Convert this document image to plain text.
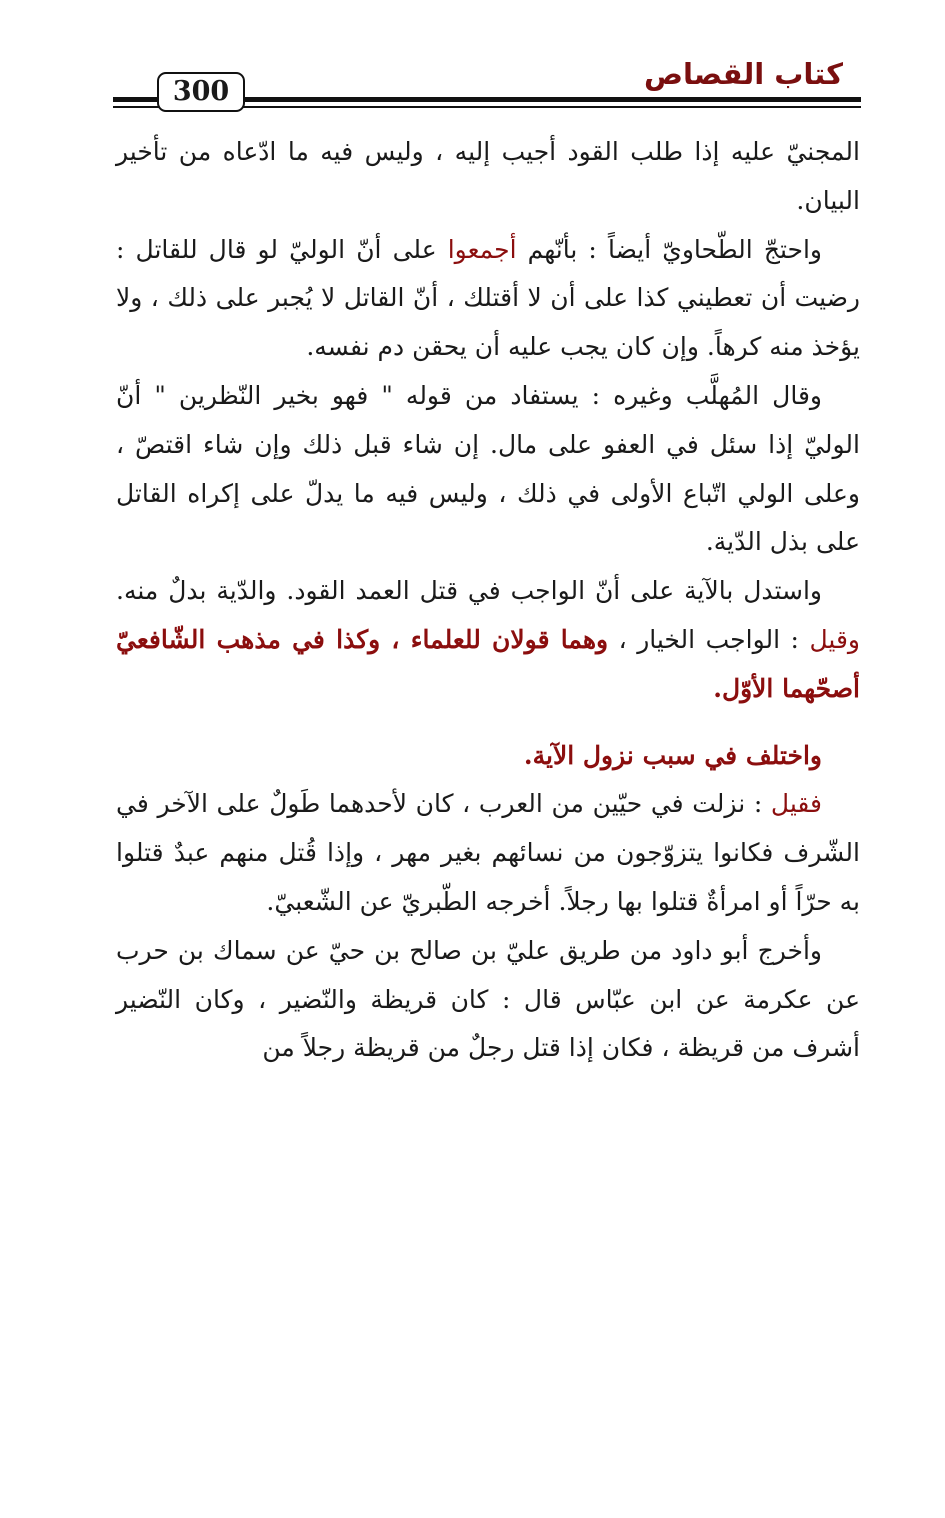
300
كتاب القصاص

المجنيّ عليه إذا طلب القود أجيب إليه ، وليس فيه ما ادّعاه من تأخير البيان.

واحتجّ الطّحاويّ أيضاً : بأنّهم أجمعوا على أنّ الوليّ لو قال للقاتل : رضيت أن تعطيني كذا على أن لا أقتلك ، أنّ القاتل لا يُجبر على ذلك ، ولا يؤخذ منه كرهاً. وإن كان يجب عليه أن يحقن دم نفسه.

وقال المُهلَّب وغيره : يستفاد من قوله " فهو بخير النّظرين " أنّ الوليّ إذا سئل في العفو على مال. إن شاء قبل ذلك وإن شاء اقتصّ ، وعلى الولي اتّباع الأولى في ذلك ، وليس فيه ما يدلّ على إكراه القاتل على بذل الدّية.

واستدل بالآية على أنّ الواجب في قتل العمد القود. والدّية بدلٌ منه. وقيل : الواجب الخيار ، وهما قولان للعلماء ، وكذا في مذهب الشّافعيّ أصحّهما الأوّل.

واختلف في سبب نزول الآية.

فقيل : نزلت في حيّين من العرب ، كان لأحدهما طَولٌ على الآخر في الشّرف فكانوا يتزوّجون من نسائهم بغير مهر ، وإذا قُتل منهم عبدٌ قتلوا به حرّاً أو امرأةٌ قتلوا بها رجلاً. أخرجه الطّبريّ عن الشّعبيّ.

وأخرج أبو داود من طريق عليّ بن صالح بن حيّ عن سماك بن حرب عن عكرمة عن ابن عبّاس قال : كان قريظة والنّضير ، وكان النّضير أشرف من قريظة ، فكان إذا قتل رجلٌ من قريظة رجلاً من
